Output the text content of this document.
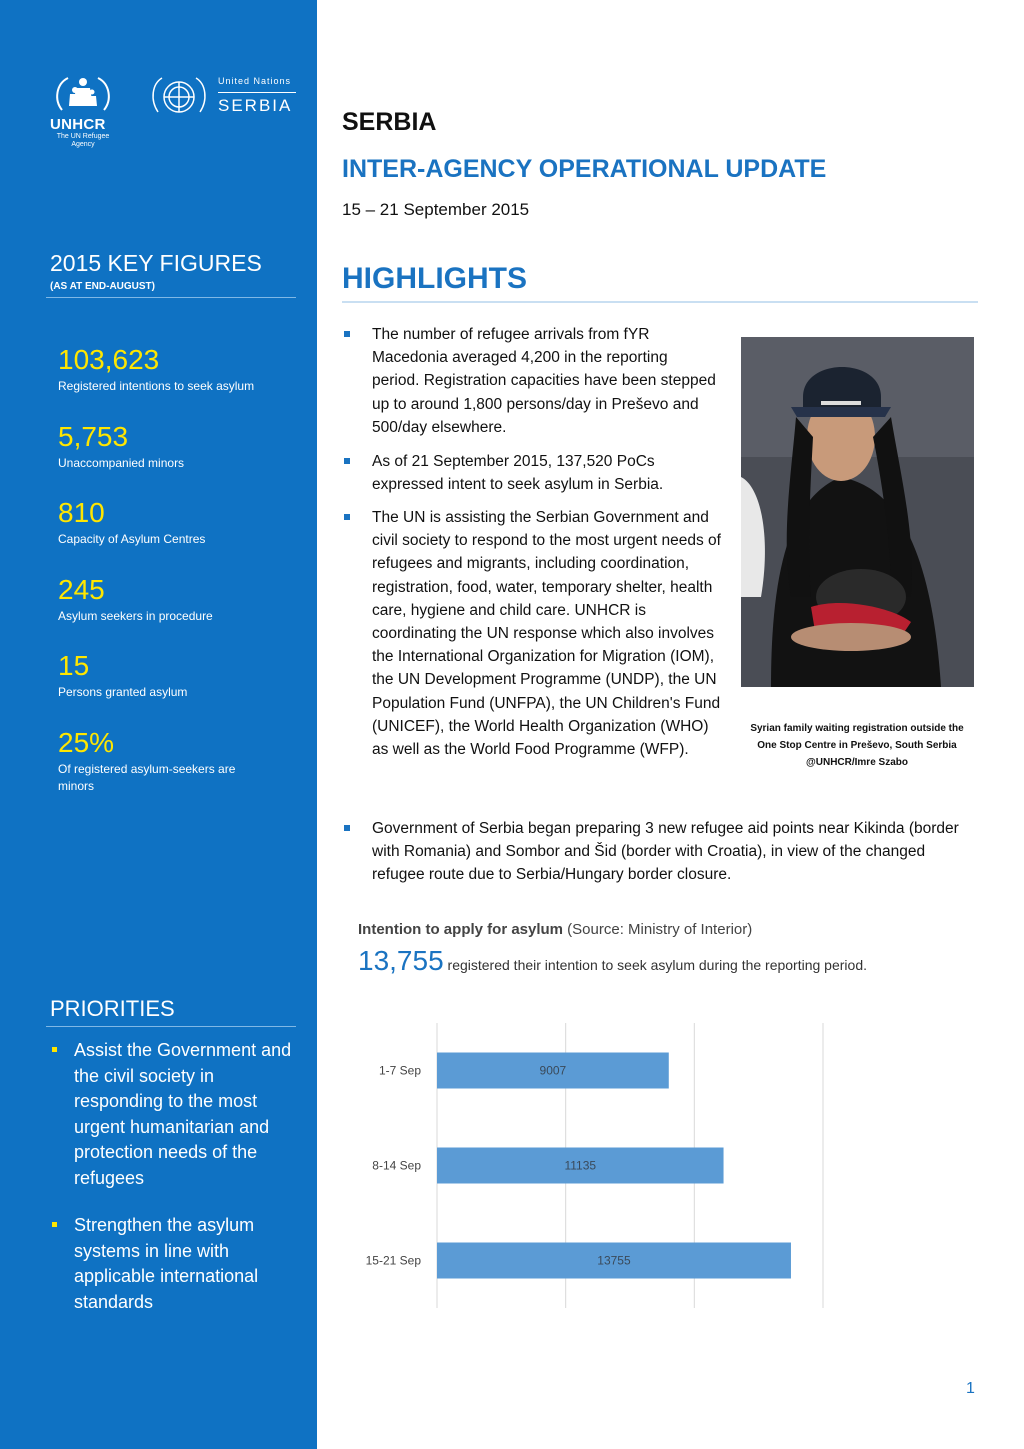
UNHCR
The UN Refugee Agency
United Nations
SERBIA
2015 KEY FIGURES
(AS AT END-AUGUST)
103,623
Registered intentions to seek asylum
5,753
Unaccompanied minors
810
Capacity of Asylum Centres
245
Asylum seekers in procedure
15
Persons granted asylum
25%
Of registered asylum-seekers are minors
PRIORITIES
Assist the Government and the civil society in responding to the most urgent humanitarian and protection needs of the refugees
Strengthen the asylum systems in line with applicable international standards
SERBIA
INTER-AGENCY OPERATIONAL UPDATE
15 – 21 September 2015
HIGHLIGHTS
The number of refugee arrivals from fYR Macedonia averaged 4,200 in the reporting period. Registration capacities have been stepped up to around 1,800 persons/day in Preševo and 500/day elsewhere.
As of 21 September 2015, 137,520 PoCs expressed intent to seek asylum in Serbia.
The UN is assisting the Serbian Government and civil society to respond to the most urgent needs of refugees and migrants, including coordination, registration, food, water, temporary shelter, health care, hygiene and child care. UNHCR is coordinating the UN response which also involves the International Organization for Migration (IOM), the UN Development Programme (UNDP), the UN Population Fund (UNFPA), the UN Children's Fund (UNICEF), the World Health Organization (WHO) as well as the World Food Programme (WFP).
Government of Serbia began preparing 3 new refugee aid points near Kikinda (border with Romania) and Sombor and Šid (border with Croatia), in view of the changed refugee route due to Serbia/Hungary border closure.
Syrian family waiting registration outside the One Stop Centre in Preševo, South Serbia @UNHCR/Imre Szabo
Intention to apply for asylum (Source: Ministry of Interior)
13,755 registered their intention to seek asylum during the reporting period.
1-7 Sep	9007
8-14 Sep	11135
15-21 Sep	13755
1
